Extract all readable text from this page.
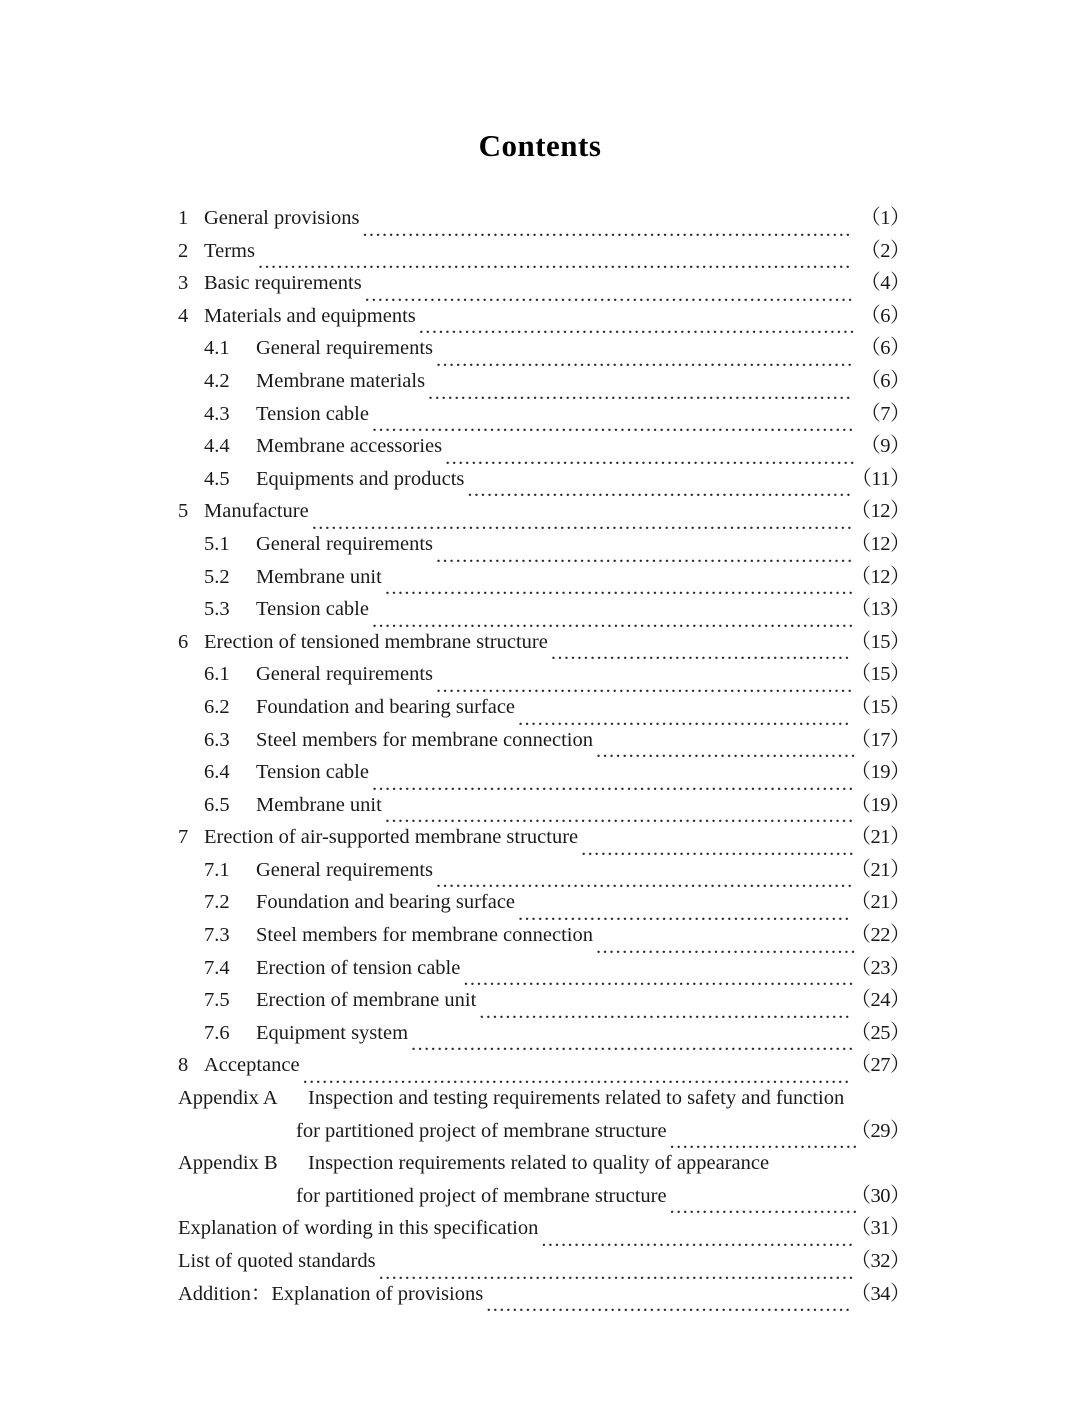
Contents
1 General provisions	（1）
...........................................................................
2 Terms	（2）
...........................................................................................
3 Basic requirements	（4）
...........................................................................
4 Materials and equipments	（6）
...................................................................
4.1 General requirements	（6）
................................................................
4.2 Membrane materials	（6）
.................................................................
4.3 Tension cable	（7）
..........................................................................
4.4 Membrane accessories	（9）
...............................................................
4.5 Equipments and products	（11）
...........................................................
5 Manufacture	（12）
...................................................................................
5.1 General requirements	（12）
................................................................
5.2 Membrane unit	（12）
........................................................................
5.3 Tension cable	（13）
..........................................................................
6 Erection of tensioned membrane structure	（15）
..............................................
6.1 General requirements	（15）
................................................................
6.2 Foundation and bearing surface	（15）
...................................................
6.3 Steel members for membrane connection	（17）
........................................
6.4 Tension cable	（19）
..........................................................................
6.5 Membrane unit	（19）
........................................................................
7 Erection of air-supported membrane structure	（21）
..........................................
7.1 General requirements	（21）
................................................................
7.2 Foundation and bearing surface	（21）
...................................................
7.3 Steel members for membrane connection	（22）
........................................
7.4 Erection of tension cable	（23）
............................................................
7.5 Erection of membrane unit	（24）
.........................................................
7.6 Equipment system	（25）
....................................................................
8 Acceptance	（27）
....................................................................................
Appendix A	Inspection and testing requirements related to safety and function
for partitioned project of membrane structure	（29）
.............................
Appendix B	Inspection requirements related to quality of appearance
for partitioned project of membrane structure	（30）
.............................
Explanation of wording in this specification	（31）
................................................
List of quoted standards	（32）
.........................................................................
Addition：Explanation of provisions	（34）
........................................................
